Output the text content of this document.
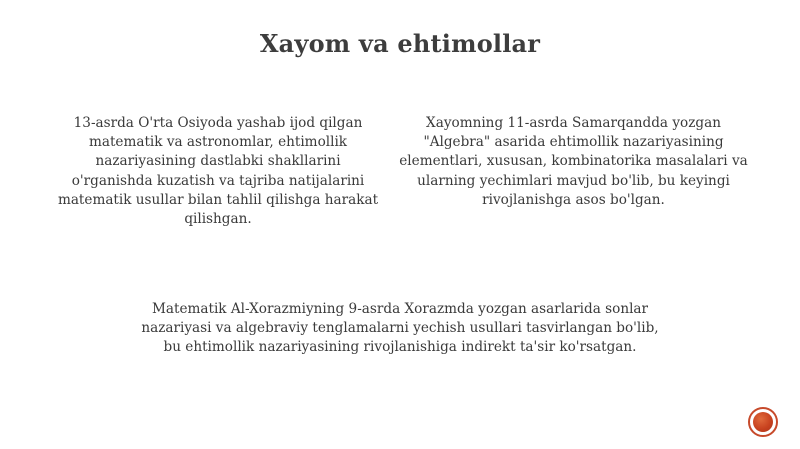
Xayom va ehtimollar

13-asrda O'rta Osiyoda yashab ijod qilgan matematik va astronomlar, ehtimollik nazariyasining dastlabki shakllarini o'rganishda kuzatish va tajriba natijalarini matematik usullar bilan tahlil qilishga harakat qilishgan.

Xayomning 11-asrda Samarqandda yozgan "Algebra" asarida ehtimollik nazariyasining elementlari, xususan, kombinatorika masalalari va ularning yechimlari mavjud bo'lib, bu keyingi rivojlanishga asos bo'lgan.

Matematik Al-Xorazmiyning 9-asrda Xorazmda yozgan asarlarida sonlar nazariyasi va algebraviy tenglamalarni yechish usullari tasvirlangan bo'lib, bu ehtimollik nazariyasining rivojlanishiga indirekt ta'sir ko'rsatgan.
